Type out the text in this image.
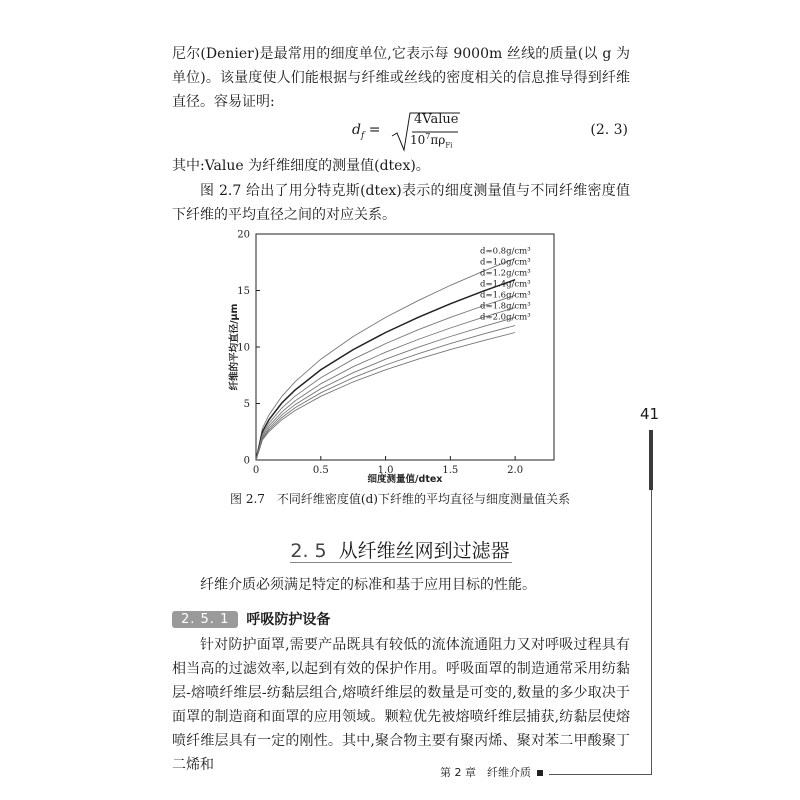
尼尔(Denier)是最常用的细度单位,它表示每 9000m 丝线的质量(以 g 为单位)。该量度使人们能根据与纤维或丝线的密度相关的信息推导得到纤维直径。容易证明:

$d_f$ =
4Value
$10^7\pi\rho_{Fi}$
(2. 3)

其中:Value 为纤维细度的测量值(dtex)。

图 2.7 给出了用分特克斯(dtex)表示的细度测量值与不同纤维密度值下纤维的平均直径之间的对应关系。

0	0.5	1.0	1.5	2.0
0
5
10
15
20
细度测量值/dtex
纤维的平均直径/μm
d=0.8g/cm³
d=1.0g/cm³
d=1.2g/cm³
d=1.4g/cm³
d=1.6g/cm³
d=1.8g/cm³
d=2.0g/cm³
图 2.7　不同纤维密度值(d)下纤维的平均直径与细度测量值关系
2. 5 从纤维丝网到过滤器

纤维介质必须满足特定的标准和基于应用目标的性能。

2. 5. 1	呼吸防护设备

针对防护面罩,需要产品既具有较低的流体流通阻力又对呼吸过程具有相当高的过滤效率,以起到有效的保护作用。呼吸面罩的制造通常采用纺黏层-熔喷纤维层-纺黏层组合,熔喷纤维层的数量是可变的,数量的多少取决于面罩的制造商和面罩的应用领域。颗粒优先被熔喷纤维层捕获,纺黏层使熔喷纤维层具有一定的刚性。其中,聚合物主要有聚丙烯、聚对苯二甲酸聚丁二烯和

41
第 2 章　纤维介质
